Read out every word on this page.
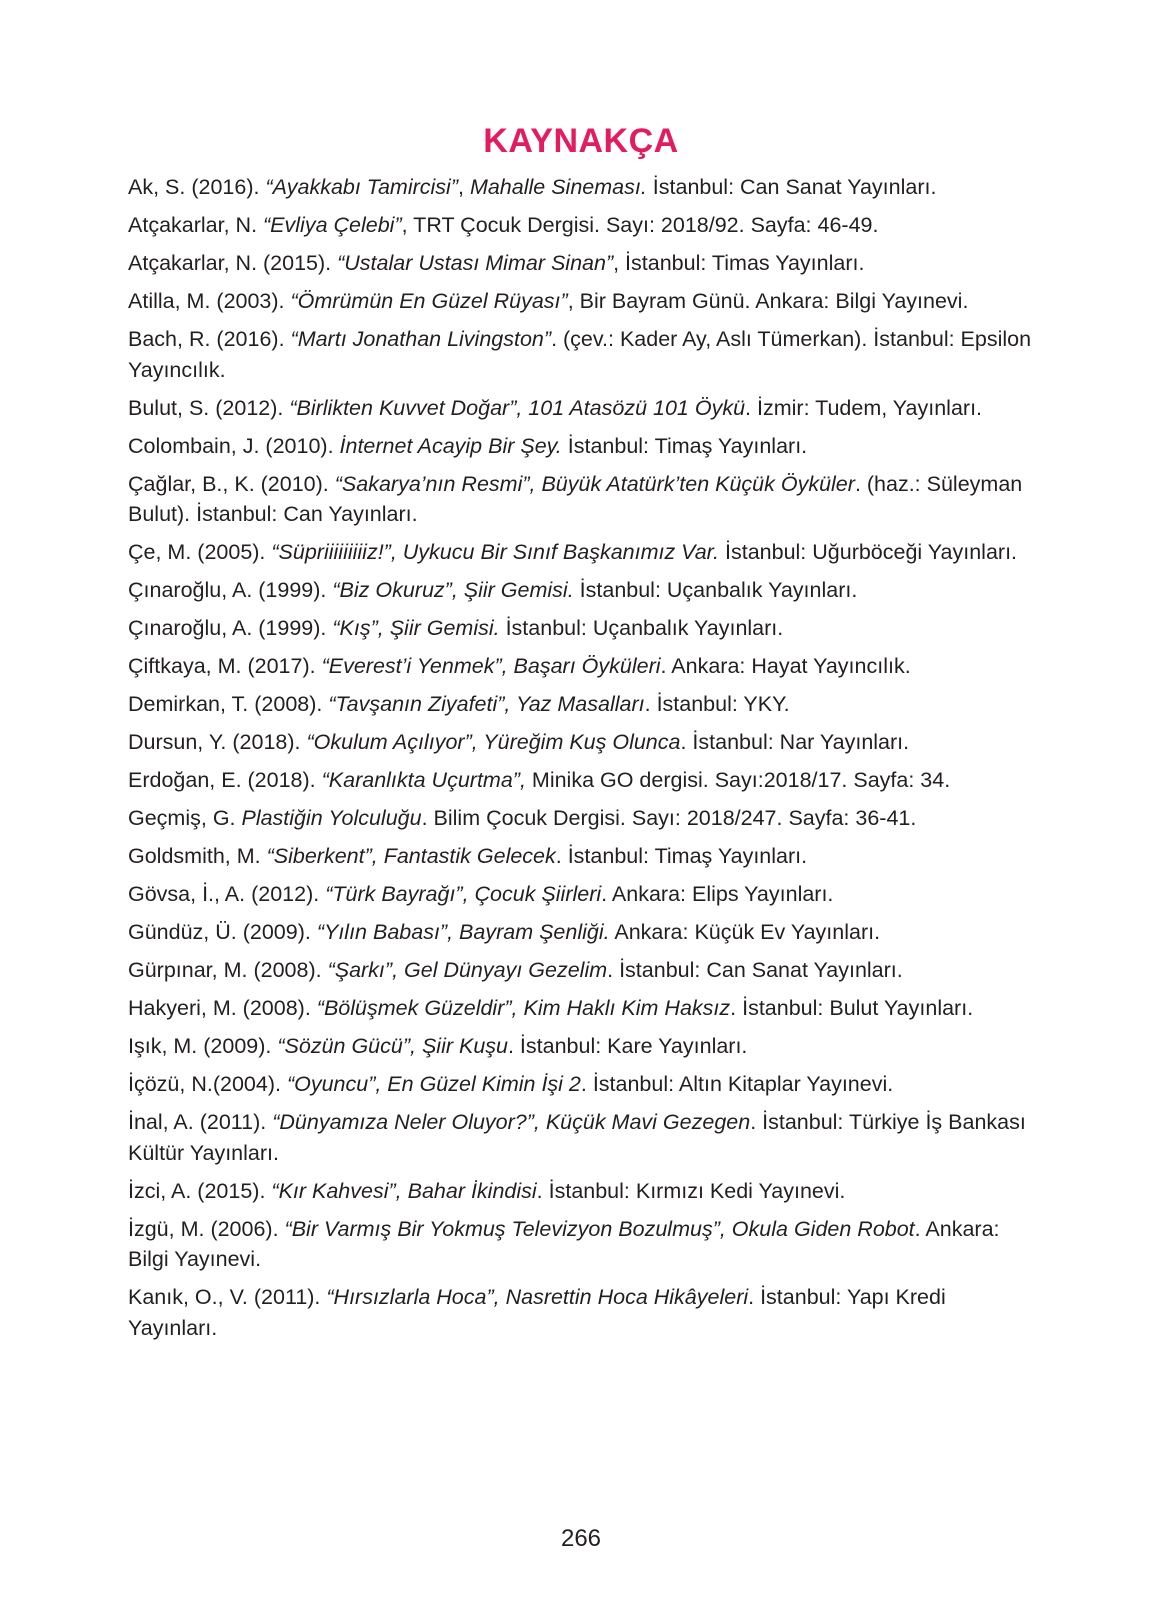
KAYNAKÇA

Ak, S. (2016). “Ayakkabı Tamircisi”, Mahalle Sineması. İstanbul: Can Sanat Yayınları.

Atçakarlar, N. “Evliya Çelebi”, TRT Çocuk Dergisi. Sayı: 2018/92. Sayfa: 46-49.

Atçakarlar, N. (2015). “Ustalar Ustası Mimar Sinan”, İstanbul: Timas Yayınları.

Atilla, M. (2003). “Ömrümün En Güzel Rüyası”, Bir Bayram Günü. Ankara: Bilgi Yayınevi.

Bach, R. (2016). “Martı Jonathan Livingston”. (çev.: Kader Ay, Aslı Tümerkan). İstanbul: Epsilon Yayıncılık.

Bulut, S. (2012). “Birlikten Kuvvet Doğar”, 101 Atasözü 101 Öykü. İzmir: Tudem, Yayınları.

Colombain, J. (2010). İnternet Acayip Bir Şey. İstanbul: Timaş Yayınları.

Çağlar, B., K. (2010). “Sakarya’nın Resmi”, Büyük Atatürk’ten Küçük Öyküler. (haz.: Süleyman Bulut). İstanbul: Can Yayınları.

Çe, M. (2005). “Süpriiiiiiiiiz!”, Uykucu Bir Sınıf Başkanımız Var. İstanbul: Uğurböceği Yayınları.

Çınaroğlu, A. (1999). “Biz Okuruz”, Şiir Gemisi. İstanbul: Uçanbalık Yayınları.

Çınaroğlu, A. (1999). “Kış”, Şiir Gemisi. İstanbul: Uçanbalık Yayınları.

Çiftkaya, M. (2017). “Everest’i Yenmek”, Başarı Öyküleri. Ankara: Hayat Yayıncılık.

Demirkan, T. (2008). “Tavşanın Ziyafeti”, Yaz Masalları. İstanbul: YKY.

Dursun, Y. (2018). “Okulum Açılıyor”, Yüreğim Kuş Olunca. İstanbul: Nar Yayınları.

Erdoğan, E. (2018). “Karanlıkta Uçurtma”, Minika GO dergisi. Sayı:2018/17. Sayfa: 34.

Geçmiş, G. Plastiğin Yolculuğu. Bilim Çocuk Dergisi. Sayı: 2018/247. Sayfa: 36-41.

Goldsmith, M. “Siberkent”, Fantastik Gelecek. İstanbul: Timaş Yayınları.

Gövsa, İ., A. (2012). “Türk Bayrağı”, Çocuk Şiirleri. Ankara: Elips Yayınları.

Gündüz, Ü. (2009). “Yılın Babası”, Bayram Şenliği. Ankara: Küçük Ev Yayınları.

Gürpınar, M. (2008). “Şarkı”, Gel Dünyayı Gezelim. İstanbul: Can Sanat Yayınları.

Hakyeri, M. (2008). “Bölüşmek Güzeldir”, Kim Haklı Kim Haksız. İstanbul: Bulut Yayınları.

Işık, M. (2009). “Sözün Gücü”, Şiir Kuşu. İstanbul: Kare Yayınları.

İçözü, N.(2004). “Oyuncu”, En Güzel Kimin İşi 2. İstanbul: Altın Kitaplar Yayınevi.

İnal, A. (2011). “Dünyamıza Neler Oluyor?”, Küçük Mavi Gezegen. İstanbul: Türkiye İş Bankası Kültür Yayınları.

İzci, A. (2015). “Kır Kahvesi”, Bahar İkindisi. İstanbul: Kırmızı Kedi Yayınevi.

İzgü, M. (2006). “Bir Varmış Bir Yokmuş Televizyon Bozulmuş”, Okula Giden Robot. Ankara: Bilgi Yayınevi.

Kanık, O., V. (2011). “Hırsızlarla Hoca”, Nasrettin Hoca Hikâyeleri. İstanbul: Yapı Kredi Yayınları.

266
